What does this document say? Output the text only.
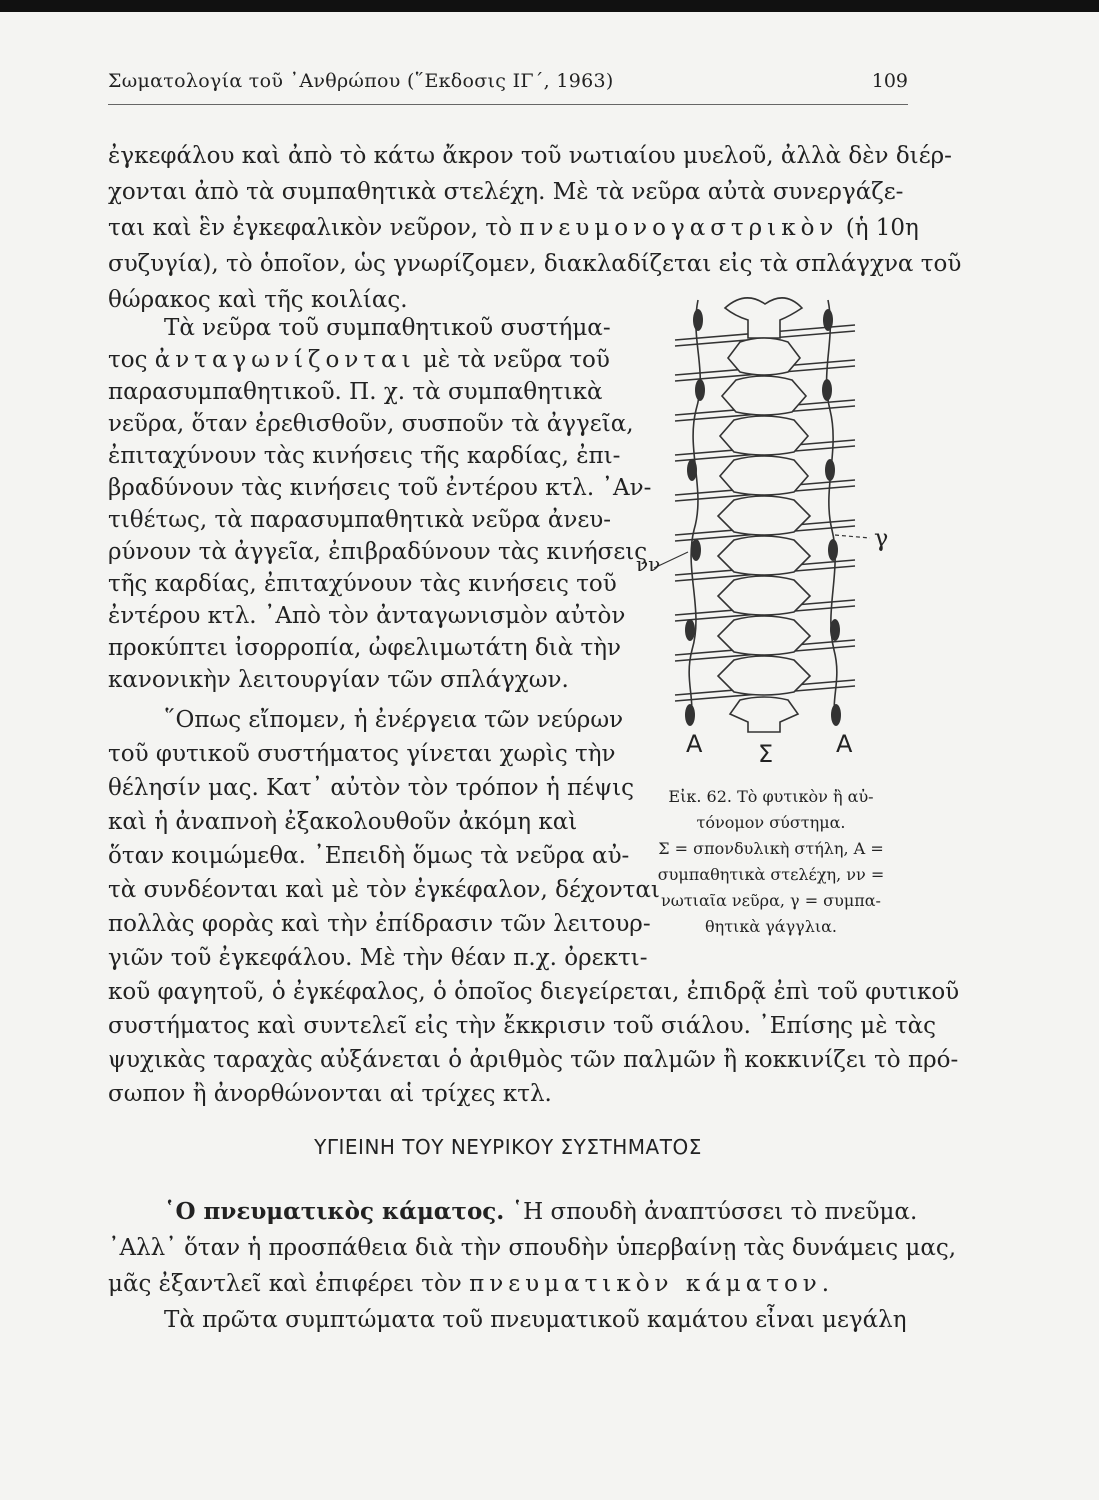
Σωματολογία τοῦ ᾿Ανθρώπου (῞Εκδοσις ΙΓ΄, 1963)	109
ἐγκεφάλου καὶ ἀπὸ τὸ κάτω ἄκρον τοῦ νωτιαίου μυελοῦ, ἀλλὰ δὲν διέρ-
χονται ἀπὸ τὰ συμπαθητικὰ στελέχη. Μὲ τὰ νεῦρα αὐτὰ συνεργάζε-
ται καὶ ἓν ἐγκεφαλικὸν νεῦρον, τὸ πνευμονογαστρικὸν (ἡ 10η
συζυγία), τὸ ὁποῖον, ὡς γνωρίζομεν, διακλαδίζεται εἰς τὰ σπλάγχνα τοῦ
θώρακος καὶ τῆς κοιλίας.
Τὰ νεῦρα τοῦ συμπαθητικοῦ συστήμα-
τος ἀνταγωνίζονται μὲ τὰ νεῦρα τοῦ
παρασυμπαθητικοῦ. Π. χ. τὰ συμπαθητικὰ
νεῦρα, ὅταν ἐρεθισθοῦν, συσποῦν τὰ ἀγγεῖα,
ἐπιταχύνουν τὰς κινήσεις τῆς καρδίας, ἐπι-
βραδύνουν τὰς κινήσεις τοῦ ἐντέρου κτλ. ᾿Αν-
τιθέτως, τὰ παρασυμπαθητικὰ νεῦρα ἀνευ-
ρύνουν τὰ ἀγγεῖα, ἐπιβραδύνουν τὰς κινήσεις
τῆς καρδίας, ἐπιταχύνουν τὰς κινήσεις τοῦ
ἐντέρου κτλ. ᾿Απὸ τὸν ἀνταγωνισμὸν αὐτὸν
προκύπτει ἰσορροπία, ὠφελιμωτάτη διὰ τὴν
κανονικὴν λειτουργίαν τῶν σπλάγχων.
῞Οπως εἴπομεν, ἡ ἐνέργεια τῶν νεύρων
τοῦ φυτικοῦ συστήματος γίνεται χωρὶς τὴν
θέλησίν μας. Κατ᾿ αὐτὸν τὸν τρόπον ἡ πέψις
καὶ ἡ ἀναπνοὴ ἐξακολουθοῦν ἀκόμη καὶ
ὅταν κοιμώμεθα. ᾿Επειδὴ ὅμως τὰ νεῦρα αὐ-
τὰ συνδέονται καὶ μὲ τὸν ἐγκέφαλον, δέχονται
πολλὰς φορὰς καὶ τὴν ἐπίδρασιν τῶν λειτουρ-
γιῶν τοῦ ἐγκεφάλου. Μὲ τὴν θέαν π.χ. ὀρεκτι-
κοῦ φαγητοῦ, ὁ ἐγκέφαλος, ὁ ὁποῖος διεγείρεται, ἐπιδρᾷ ἐπὶ τοῦ φυτικοῦ
συστήματος καὶ συντελεῖ εἰς τὴν ἔκκρισιν τοῦ σιάλου. ᾿Επίσης μὲ τὰς
ψυχικὰς ταραχὰς αὐξάνεται ὁ ἀριθμὸς τῶν παλμῶν ἢ κοκκινίζει τὸ πρό-
σωπον ἢ ἀνορθώνονται αἱ τρίχες κτλ.
ΥΓΙΕΙΝΗ ΤΟΥ ΝΕΥΡΙΚΟΥ ΣΥΣΤΗΜΑΤΟΣ
῾Ο πνευματικὸς κάματος. ῾Η σπουδὴ ἀναπτύσσει τὸ πνεῦμα.
᾿Αλλ᾿ ὅταν ἡ προσπάθεια διὰ τὴν σπουδὴν ὑπερβαίνῃ τὰς δυνάμεις μας,
μᾶς ἐξαντλεῖ καὶ ἐπιφέρει τὸν πνευματικὸν κάματον.
Τὰ πρῶτα συμπτώματα τοῦ πνευματικοῦ καμάτου εἶναι μεγάλη
Α Σ	Α
νν
γ
Εἰκ. 62. Τὸ φυτικὸν ἢ αὐ-
τόνομον σύστημα.
Σ = σπονδυλικὴ στήλη, Α =
συμπαθητικὰ στελέχη, νν =
νωτιαῖα νεῦρα, γ = συμπα-
θητικὰ γάγγλια.
